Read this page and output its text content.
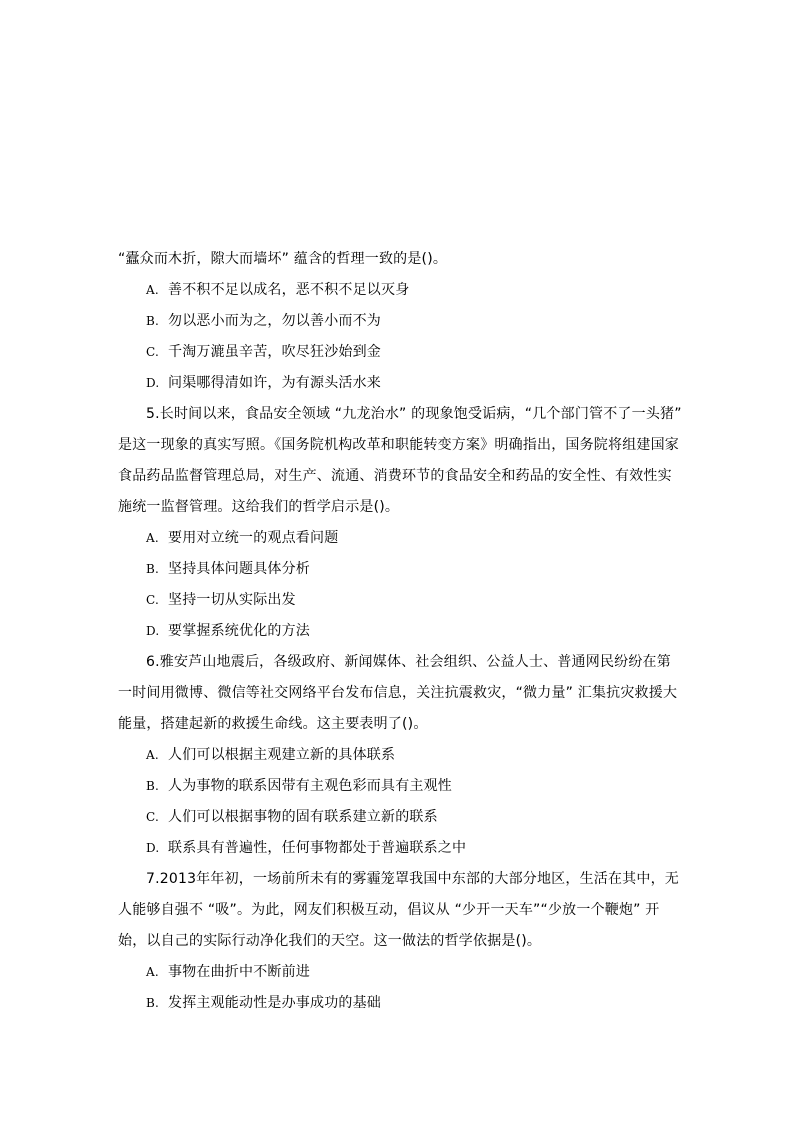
“蠹众而木折，隙大而墙坏” 蕴含的哲理一致的是()。
A. 善不积不足以成名，恶不积不足以灭身
B. 勿以恶小而为之，勿以善小而不为
C. 千淘万漉虽辛苦，吹尽狂沙始到金
D. 问渠哪得清如许，为有源头活水来
5.长时间以来，食品安全领域 “九龙治水” 的现象饱受诟病，“几个部门管不了一头猪”
是这一现象的真实写照。《国务院机构改革和职能转变方案》明确指出，国务院将组建国家
食品药品监督管理总局，对生产、流通、消费环节的食品安全和药品的安全性、有效性实
施统一监督管理。这给我们的哲学启示是()。
A. 要用对立统一的观点看问题
B. 坚持具体问题具体分析
C. 坚持一切从实际出发
D. 要掌握系统优化的方法
6.雅安芦山地震后，各级政府、新闻媒体、社会组织、公益人士、普通网民纷纷在第
一时间用微博、微信等社交网络平台发布信息，关注抗震救灾，“微力量” 汇集抗灾救援大
能量，搭建起新的救援生命线。这主要表明了()。
A. 人们可以根据主观建立新的具体联系
B. 人为事物的联系因带有主观色彩而具有主观性
C. 人们可以根据事物的固有联系建立新的联系
D. 联系具有普遍性，任何事物都处于普遍联系之中
7.2013年年初，一场前所未有的雾霾笼罩我国中东部的大部分地区，生活在其中，无
人能够自强不 “吸”。为此，网友们积极互动，倡议从 “少开一天车”“少放一个鞭炮” 开
始，以自己的实际行动净化我们的天空。这一做法的哲学依据是()。
A. 事物在曲折中不断前进
B. 发挥主观能动性是办事成功的基础
